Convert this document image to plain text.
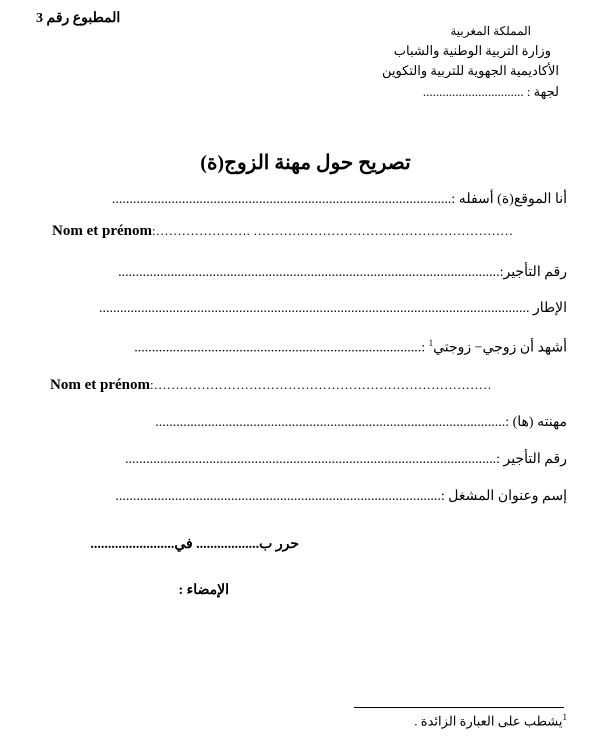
المطبوع رقم 3
المملكة المغربية
وزارة التربية الوطنية والشباب
الأكاديمية الجهوية للتربية والتكوين
لجهة : ...............................
تصريح حول مهنة الزوج(ة)
أنا الموقع(ة) أسفله :.................................................................................................
Nom et prénom:…………………. ……………………………………………………
رقم التأجير:.............................................................................................................
الإطار ...........................................................................................................................
أشهد أن زوجي− زوجتي$^1$ :..................................................................................
Nom et prénom:……………………………………………………………………
مهنته (ها) :....................................................................................................
رقم التأجير :..........................................................................................................
إسم وعنوان المشغل :.............................................................................................
حرر ب.................. في........................
الإمضاء :
$^1$يشطب على العبارة الزائدة .
